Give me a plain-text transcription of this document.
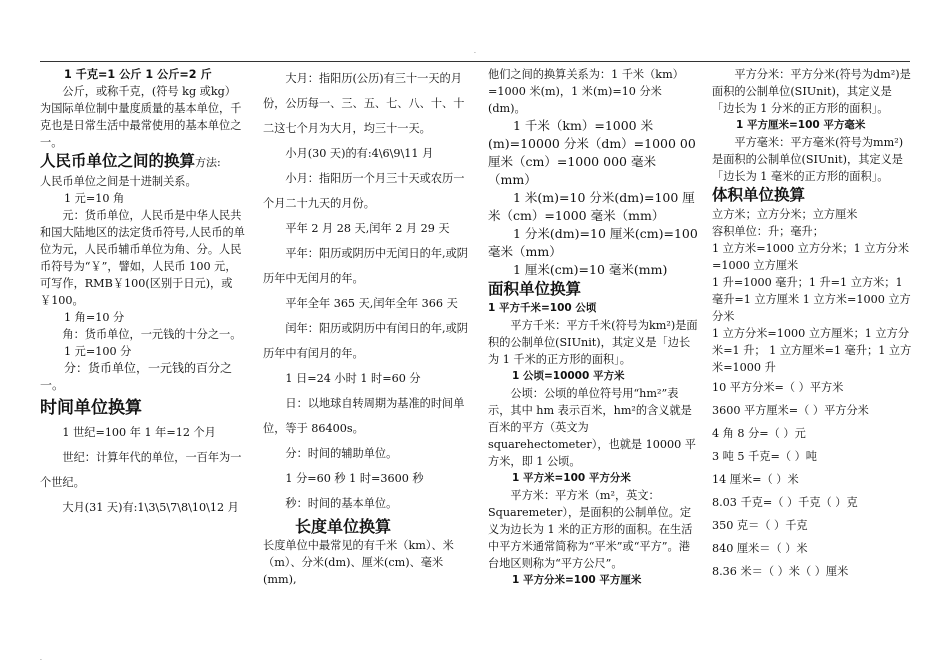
.

1 千克=1 公斤 1 公斤=2 斤

公斤，或称千克，(符号 kg 或kg）为国际单位制中量度质量的基本单位，千克也是日常生活中最常使用的基本单位之一。

人民币单位之间的换算方法:

人民币单位之间是十进制关系。

1 元=10 角

元：货币单位，人民币是中华人民共和国大陆地区的法定货币符号,人民币的单位为元，人民币辅币单位为角、分。人民币符号为“￥”，譬如，人民币 100 元，可写作，RMB￥100(区别于日元)，或￥100。

1 角=10 分

角：货币单位，一元钱的十分之一。

1 元=100 分

分：货币单位，一元钱的百分之一。

时间单位换算

1 世纪=100 年 1 年=12 个月

世纪：计算年代的单位，一百年为一个世纪。

大月(31 天)有:1\3\5\7\8\10\12 月

大月：指阳历(公历)有三十一天的月份，公历每一、三、五、七、八、十、十二这七个月为大月，均三十一天。

小月(30 天)的有:4\6\9\11 月

小月：指阳历一个月三十天或农历一个月二十九天的月份。

平年 2 月 28 天,闰年 2 月 29 天

平年：阳历或阴历中无闰日的年,或阴历年中无闰月的年。

平年全年 365 天,闰年全年 366 天

闰年：阳历或阴历中有闰日的年,或阴历年中有闰月的年。

1 日=24 小时 1 时=60 分

日：以地球自转周期为基准的时间单位，等于 86400s。

分：时间的辅助单位。

1 分=60 秒 1 时=3600 秒

秒：时间的基本单位。

长度单位换算

长度单位中最常见的有千米（km）、米（m）、分米(dm)、厘米(cm)、毫米(mm),

他们之间的换算关系为：1 千米（km）=1000 米(m)，1 米(m)=10 分米(dm)。

1 千米（km）=1000 米

(m)=10000 分米（dm）=1000 00 厘米（cm）=1000 000 毫米（mm）

1 米(m)=10 分米(dm)=100 厘米（cm）=1000 毫米（mm）

1 分米(dm)=10 厘米(cm)=100 毫米（mm）

1 厘米(cm)=10 毫米(mm)

面积单位换算

1 平方千米=100 公顷

平方千米：平方千米(符号为km²)是面积的公制单位(SIUnit)，其定义是「边长为 1 千米的正方形的面积」。

1 公顷=10000 平方米

公顷：公顷的单位符号用“hm²”表示，其中 hm 表示百米，hm²的含义就是百米的平方（英文为 squarehectometer），也就是 10000 平方米，即 1 公顷。

1 平方米=100 平方分米

平方米：平方米（m²，英文：Squaremeter），是面积的公制单位。定义为边长为 1 米的正方形的面积。在生活中平方米通常简称为“平米”或“平方”。港台地区则称为“平方公尺”。

1 平方分米=100 平方厘米

平方分米：平方分米(符号为dm²)是面积的公制单位(SIUnit)，其定义是「边长为 1 分米的正方形的面积」。

1 平方厘米=100 平方毫米

平方毫米：平方毫米(符号为mm²)是面积的公制单位(SIUnit)，其定义是「边长为 1 毫米的正方形的面积」。

体积单位换算

立方米；立方分米；立方厘米

容积单位：升；毫升；

1 立方米=1000 立方分米；1 立方分米=1000 立方厘米

1 升=1000 毫升；1 升=1 立方米；1 毫升=1 立方厘米 1 立方米=1000 立方分米

1 立方分米=1000 立方厘米；1 立方分米=1 升； 1 立方厘米=1 毫升；1 立方米=1000 升

10 平方分米=（ ）平方米

3600 平方厘米=（ ）平方分米

4 角 8 分=（ ）元

3 吨 5 千克=（ ）吨

14 厘米=（ ）米

8.03 千克=（ ）千克（ ）克

350 克＝（ ）千克

840 厘米＝（ ）米

8.36 米＝（ ）米（ ）厘米

.
